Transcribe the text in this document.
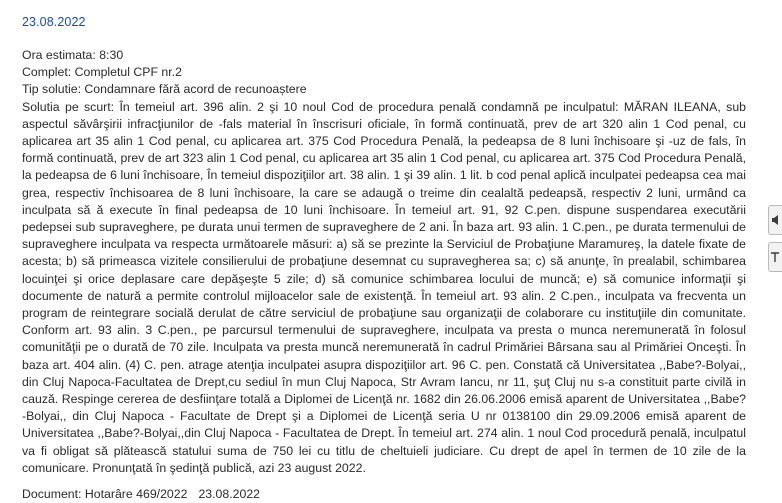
23.08.2022
Ora estimata: 8:30
Complet: Completul CPF nr.2
Tip solutie: Condamnare fără acord de recunoaștere
Solutia pe scurt: În temeiul art. 396 alin. 2 şi 10 noul Cod de procedura penală condamnă pe inculpatul: MĂRAN ILEANA, sub aspectul săvârşirii infracţiunilor de -fals material în înscrisuri oficiale, în formă continuată, prev de art 320 alin 1 Cod penal, cu aplicarea art 35 alin 1 Cod penal, cu aplicarea art. 375 Cod Procedura Penală, la pedeapsa de 8 luni închisoare şi -uz de fals, în formă continuată, prev de art 323 alin 1 Cod penal, cu aplicarea art 35 alin 1 Cod penal, cu aplicarea art. 375 Cod Procedura Penală, la pedeapsa de 6 luni închisoare, În temeiul dispoziţiilor art. 38 alin. 1 şi 39 alin. 1 lit. b cod penal aplică inculpatei pedeapsa cea mai grea, respectiv închisoarea de 8 luni închisoare, la care se adaugă o treime din cealaltă pedeapsă, respectiv 2 luni, urmând ca inculpata să ă execute în final pedeapsa de 10 luni închisoare. În temeiul art. 91, 92 C.pen. dispune suspendarea executării pedepsei sub supraveghere, pe durata unui termen de supraveghere de 2 ani. În baza art. 93 alin. 1 C.pen., pe durata termenului de supraveghere inculpata va respecta următoarele măsuri: a) să se prezinte la Serviciul de Probaţiune Maramureş, la datele fixate de acesta; b) să primeasca vizitele consilierului de probaţiune desemnat cu supravegherea sa; c) să anunţe, în prealabil, schimbarea locuinţei şi orice deplasare care depăşeşte 5 zile; d) să comunice schimbarea locului de muncă; e) să comunice informaţii şi documente de natură a permite controlul mijloacelor sale de existenţă. În temeiul art. 93 alin. 2 C.pen., inculpata va frecventa un program de reintegrare socială derulat de către serviciul de probaţiune sau organizaţii de colaborare cu instituţiile din comunitate. Conform art. 93 alin. 3 C.pen., pe parcursul termenului de supraveghere, inculpata va presta o munca neremunerată în folosul comunităţii pe o durată de 70 zile. Inculpata va presta muncă neremunerată în cadrul Primăriei Bârsana sau al Primăriei Onceşti. În baza art. 404 alin. (4) C. pen. atrage atenţia inculpatei asupra dispoziţiilor art. 96 C. pen. Constată că Universitatea ,,Babe?-Bolyai,, din Cluj Napoca-Facultatea de Drept,cu sediul în mun Cluj Napoca, Str Avram Iancu, nr 11, şuţ Cluj nu s-a constituit parte civilă in cauză. Respinge cererea de desfiinţare totală a Diplomei de Licenţă nr. 1682 din 26.06.2006 emisă aparent de Universitatea ,,Babe?-Bolyai,, din Cluj Napoca - Facultate de Drept şi a Diplomei de Licenţă seria U nr 0138100 din 29.09.2006 emisă aparent de Universitatea ,,Babe?-Bolyai,,din Cluj Napoca - Facultatea de Drept. În temeiul art. 274 alin. 1 noul Cod procedură penală, inculpatul va fi obligat să plătească statului suma de 750 lei cu titlu de cheltuieli judiciare. Cu drept de apel în termen de 10 zile de la comunicare. Pronunţată în şedinţă publică, azi 23 august 2022.
Document: Hotarâre 469/2022 23.08.2022
